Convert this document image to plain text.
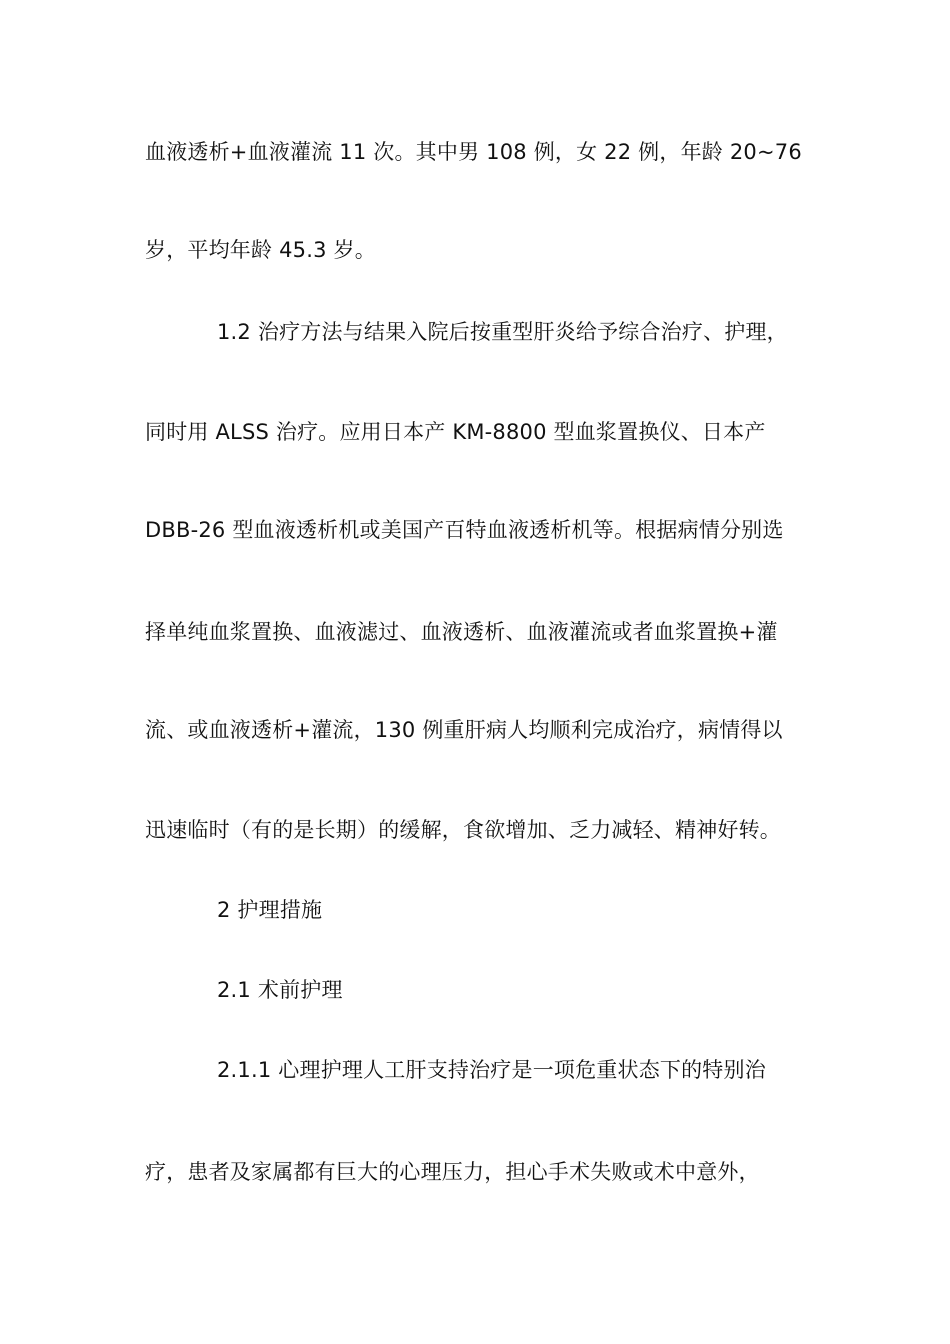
血液透析+血液灌流 11 次。其中男 108 例，女 22 例，年龄 20~76
岁，平均年龄 45.3 岁。
1.2 治疗方法与结果入院后按重型肝炎给予综合治疗、护理，
同时用 ALSS 治疗。应用日本产 KM-8800 型血浆置换仪、日本产
DBB-26 型血液透析机或美国产百特血液透析机等。根据病情分别选
择单纯血浆置换、血液滤过、血液透析、血液灌流或者血浆置换+灌
流、或血液透析+灌流，130 例重肝病人均顺利完成治疗，病情得以
迅速临时（有的是长期）的缓解，食欲增加、乏力减轻、精神好转。
2 护理措施
2.1 术前护理
2.1.1 心理护理人工肝支持治疗是一项危重状态下的特别治
疗，患者及家属都有巨大的心理压力，担心手术失败或术中意外，
